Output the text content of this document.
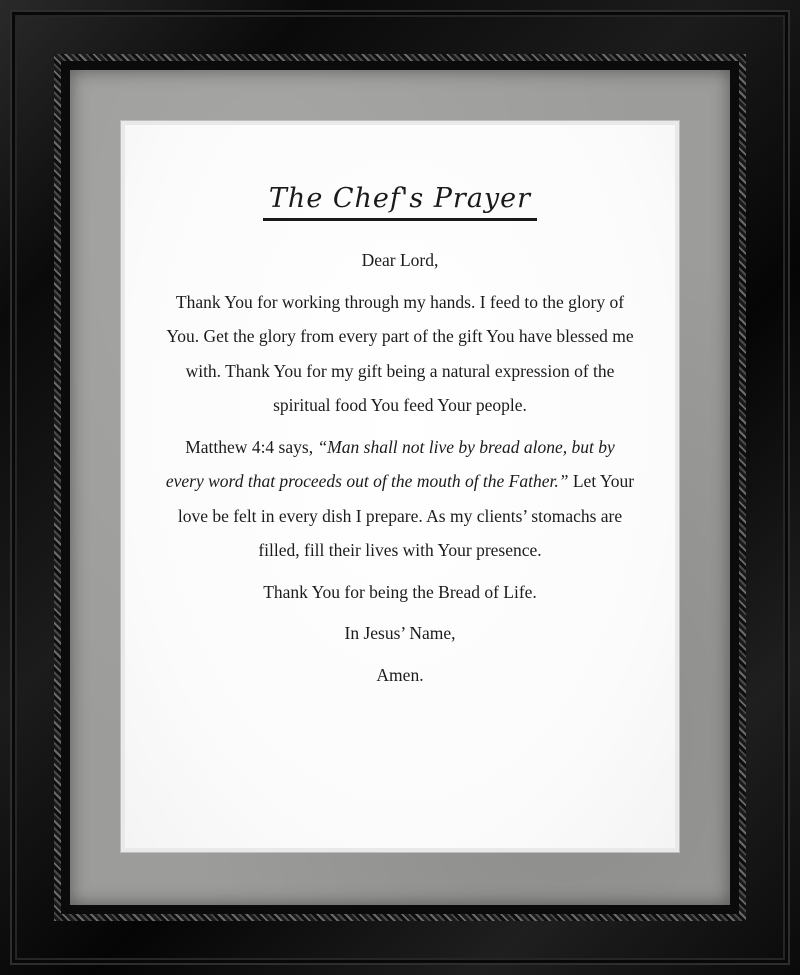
The Chef's Prayer

Dear Lord,

Thank You for working through my hands. I feed to the glory of You. Get the glory from every part of the gift You have blessed me with. Thank You for my gift being a natural expression of the spiritual food You feed Your people.

Matthew 4:4 says, “Man shall not live by bread alone, but by every word that proceeds out of the mouth of the Father.” Let Your love be felt in every dish I prepare. As my clients’ stomachs are filled, fill their lives with Your presence.

Thank You for being the Bread of Life.

In Jesus’ Name,

Amen.
